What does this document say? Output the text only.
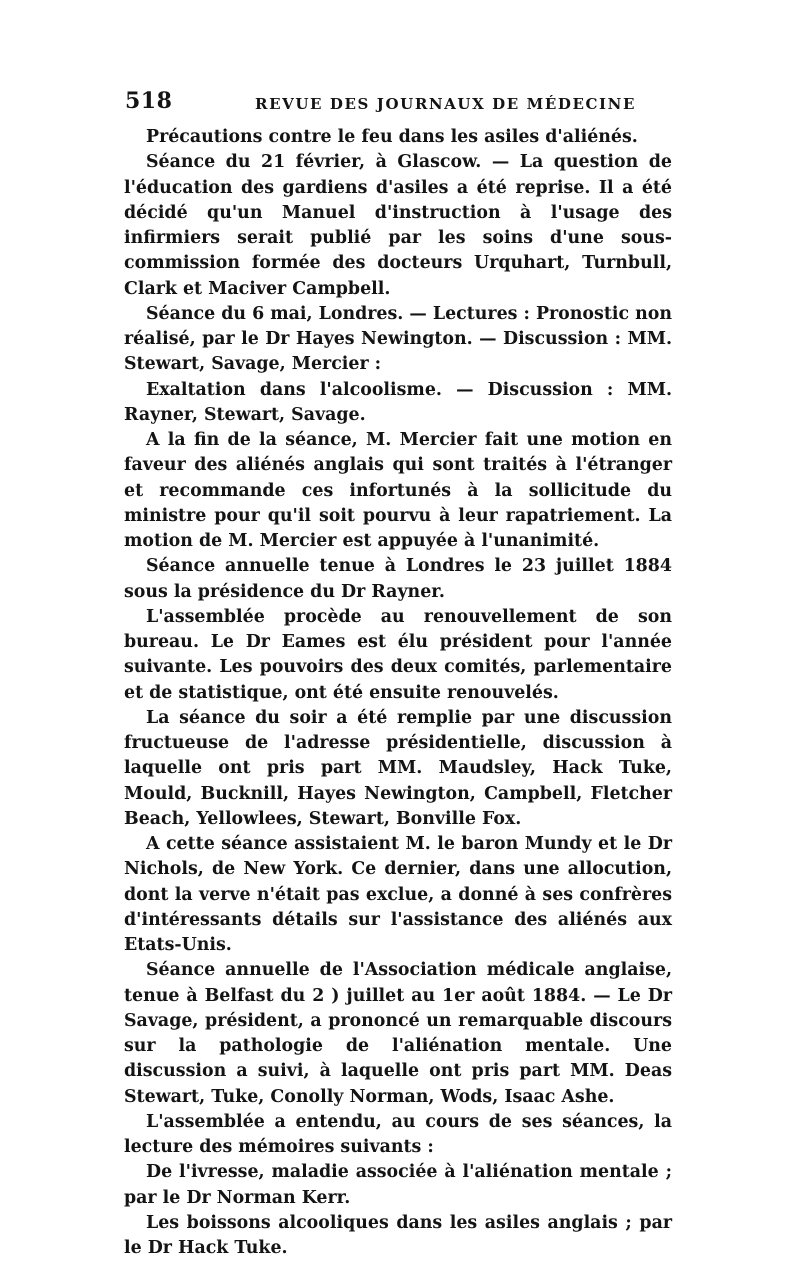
518	REVUE DES JOURNAUX DE MÉDECINE

Précautions contre le feu dans les asiles d'aliénés.

Séance du 21 février, à Glascow. — La question de l'éducation des gardiens d'asiles a été reprise. Il a été décidé qu'un Manuel d'instruction à l'usage des infirmiers serait publié par les soins d'une sous-commission formée des docteurs Urquhart, Turnbull, Clark et Maciver Campbell.

Séance du 6 mai, Londres. — Lectures : Pronostic non réalisé, par le Dr Hayes Newington. — Discussion : MM. Stewart, Savage, Mercier :

Exaltation dans l'alcoolisme. — Discussion : MM. Rayner, Stewart, Savage.

A la fin de la séance, M. Mercier fait une motion en faveur des aliénés anglais qui sont traités à l'étranger et recommande ces infortunés à la sollicitude du ministre pour qu'il soit pourvu à leur rapatriement. La motion de M. Mercier est appuyée à l'unanimité.

Séance annuelle tenue à Londres le 23 juillet 1884 sous la présidence du Dr Rayner.

L'assemblée procède au renouvellement de son bureau. Le Dr Eames est élu président pour l'année suivante. Les pouvoirs des deux comités, parlementaire et de statistique, ont été ensuite renouvelés.

La séance du soir a été remplie par une discussion fructueuse de l'adresse présidentielle, discussion à laquelle ont pris part MM. Maudsley, Hack Tuke, Mould, Bucknill, Hayes Newington, Campbell, Fletcher Beach, Yellowlees, Stewart, Bonville Fox.

A cette séance assistaient M. le baron Mundy et le Dr Nichols, de New York. Ce dernier, dans une allocution, dont la verve n'était pas exclue, a donné à ses confrères d'intéressants détails sur l'assistance des aliénés aux Etats-Unis.

Séance annuelle de l'Association médicale anglaise, tenue à Belfast du 2 ) juillet au 1er août 1884. — Le Dr Savage, président, a prononcé un remarquable discours sur la pathologie de l'aliénation mentale. Une discussion a suivi, à laquelle ont pris part MM. Deas Stewart, Tuke, Conolly Norman, Wods, Isaac Ashe.

L'assemblée a entendu, au cours de ses séances, la lecture des mémoires suivants :

De l'ivresse, maladie associée à l'aliénation mentale ; par le Dr Norman Kerr.

Les boissons alcooliques dans les asiles anglais ; par le Dr Hack Tuke.
